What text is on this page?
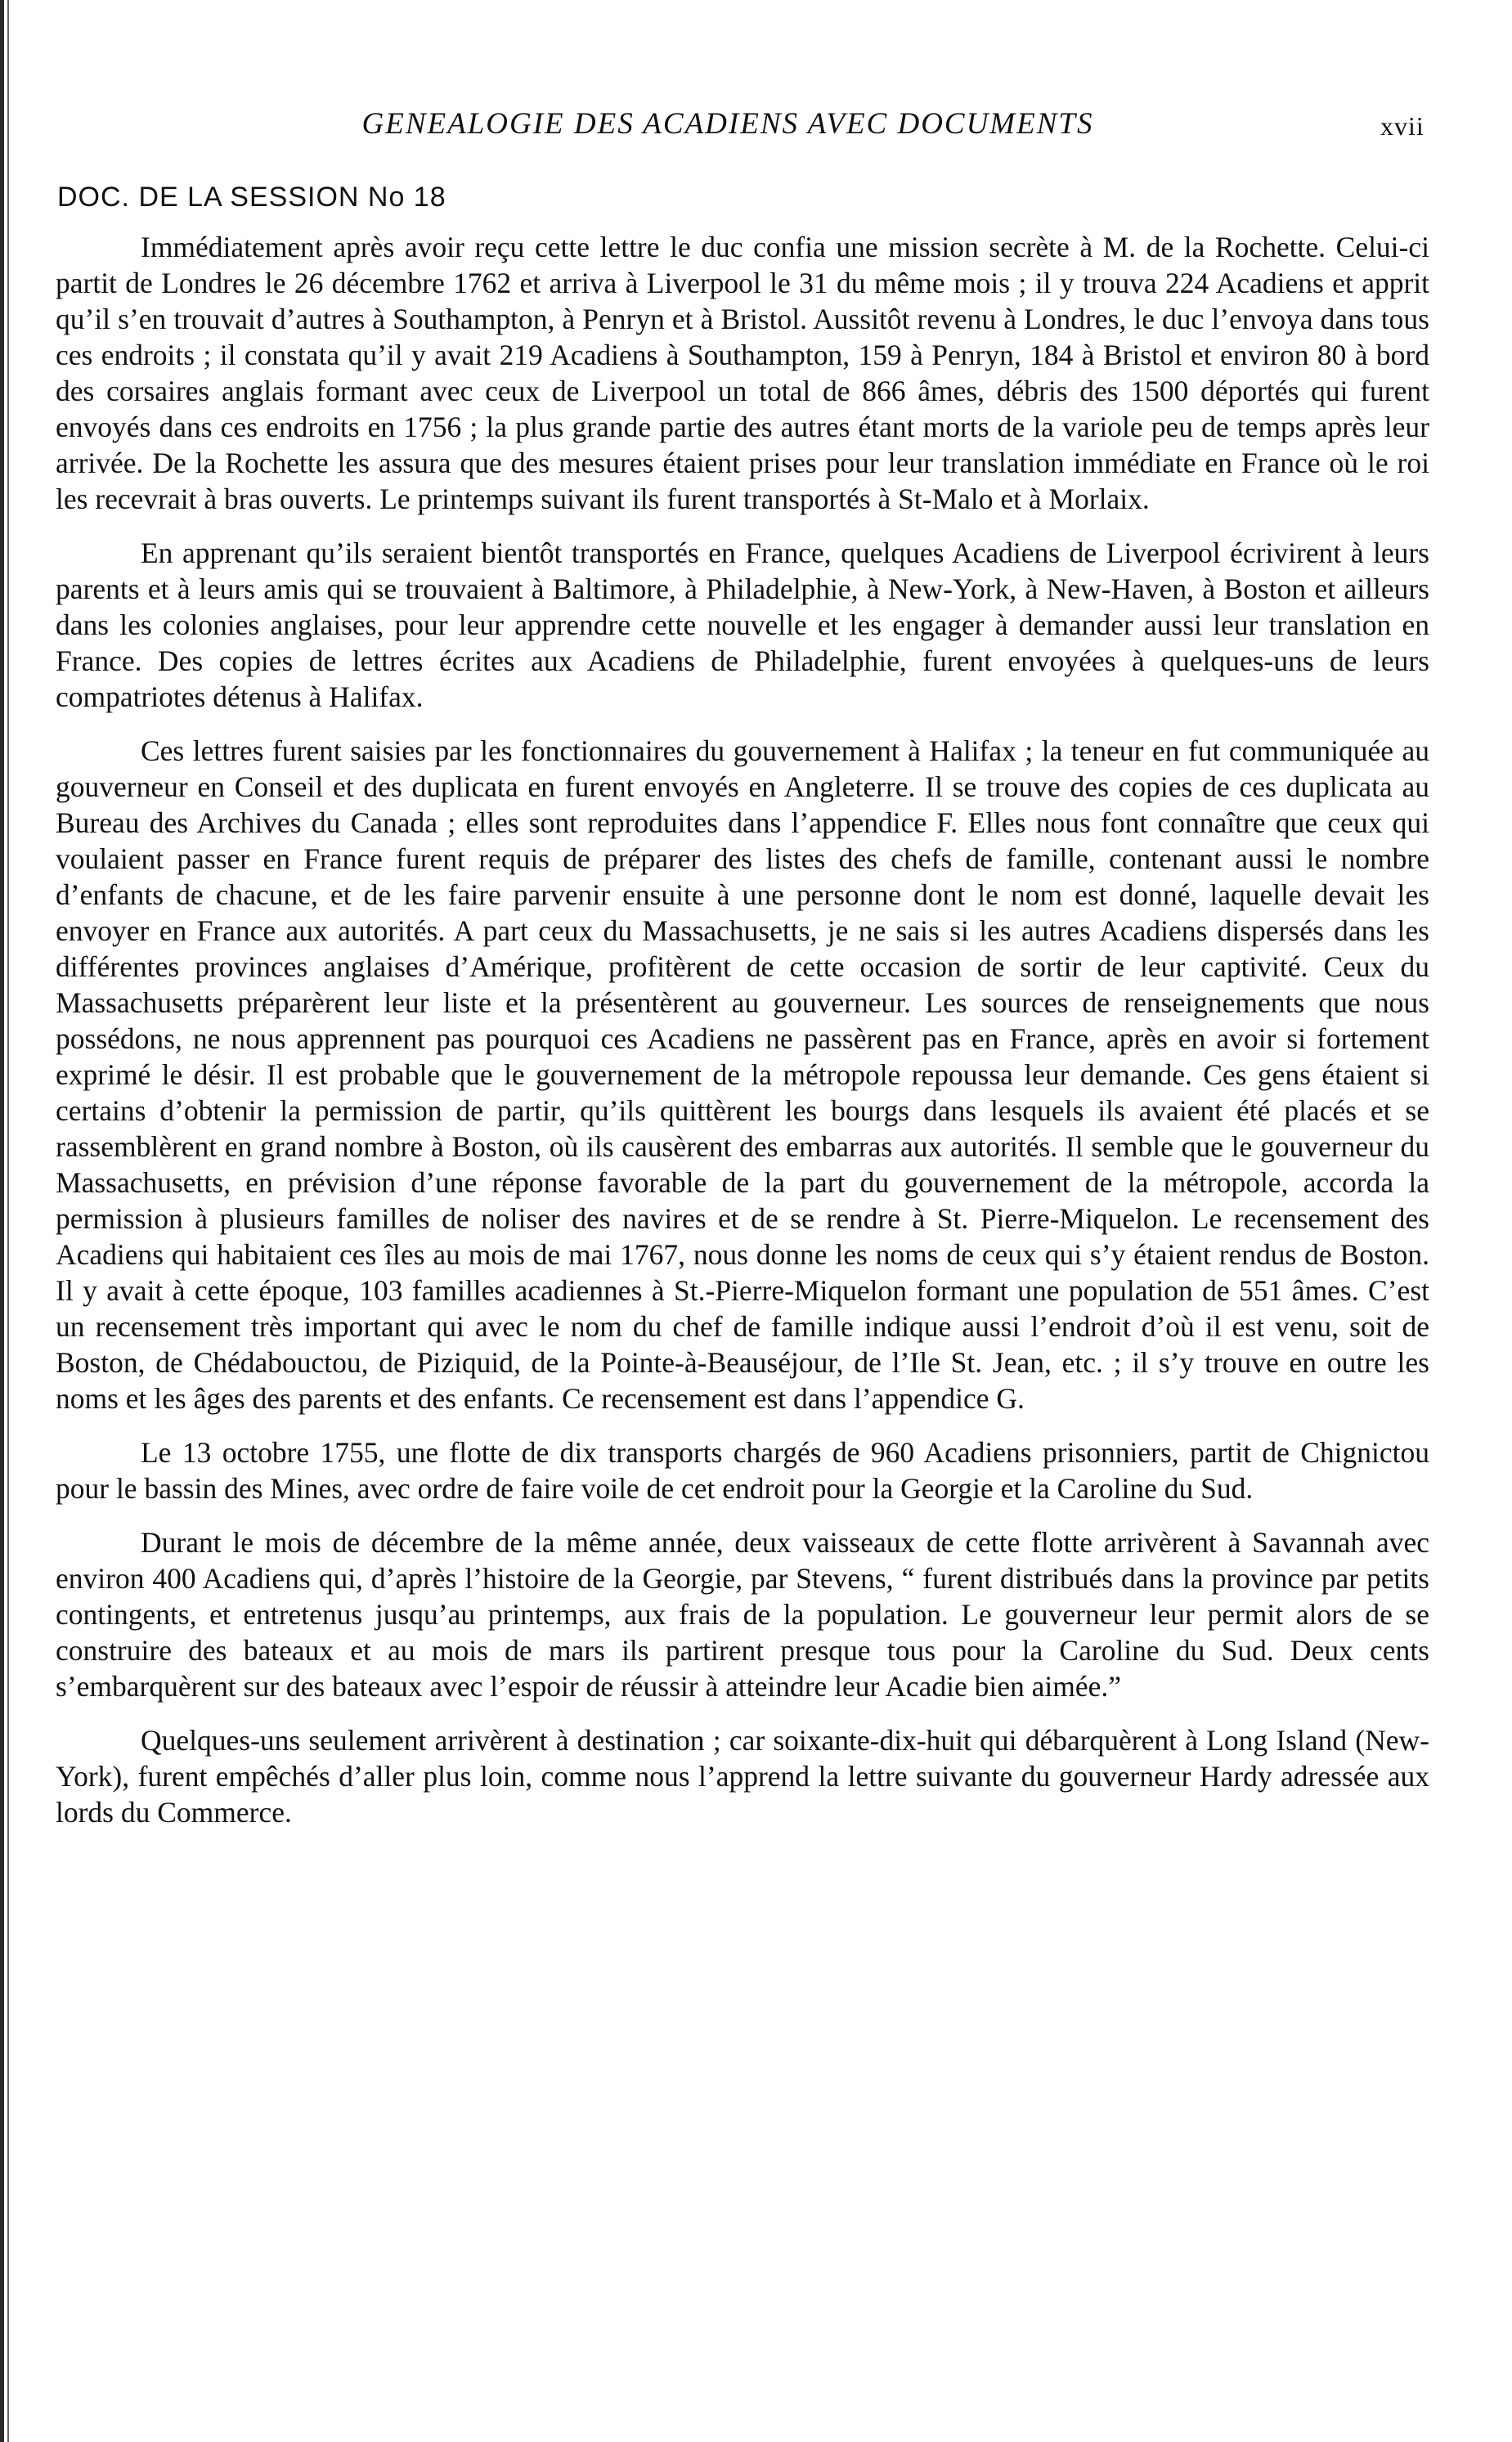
GENEALOGIE DES ACADIENS AVEC DOCUMENTS	xvii
DOC. DE LA SESSION No 18

Immédiatement après avoir reçu cette lettre le duc confia une mission secrète à M. de la Rochette. Celui-ci partit de Londres le 26 décembre 1762 et arriva à Liverpool le 31 du même mois ; il y trouva 224 Acadiens et apprit qu’il s’en trouvait d’autres à Southampton, à Penryn et à Bristol. Aussitôt revenu à Londres, le duc l’envoya dans tous ces endroits ; il constata qu’il y avait 219 Acadiens à Southampton, 159 à Penryn, 184 à Bristol et environ 80 à bord des corsaires anglais formant avec ceux de Liverpool un total de 866 âmes, débris des 1500 déportés qui furent envoyés dans ces endroits en 1756 ; la plus grande partie des autres étant morts de la variole peu de temps après leur arrivée. De la Rochette les assura que des mesures étaient prises pour leur translation immédiate en France où le roi les recevrait à bras ouverts. Le printemps suivant ils furent transportés à St-Malo et à Morlaix.

En apprenant qu’ils seraient bientôt transportés en France, quelques Acadiens de Liverpool écrivirent à leurs parents et à leurs amis qui se trouvaient à Baltimore, à Philadelphie, à New-York, à New-Haven, à Boston et ailleurs dans les colonies anglaises, pour leur apprendre cette nouvelle et les engager à demander aussi leur translation en France. Des copies de lettres écrites aux Acadiens de Philadelphie, furent envoyées à quelques-uns de leurs compatriotes détenus à Halifax.

Ces lettres furent saisies par les fonctionnaires du gouvernement à Halifax ; la teneur en fut communiquée au gouverneur en Conseil et des duplicata en furent envoyés en Angleterre. Il se trouve des copies de ces duplicata au Bureau des Archives du Canada ; elles sont reproduites dans l’appendice F. Elles nous font connaître que ceux qui voulaient passer en France furent requis de préparer des listes des chefs de famille, contenant aussi le nombre d’enfants de chacune, et de les faire parvenir ensuite à une personne dont le nom est donné, laquelle devait les envoyer en France aux autorités. A part ceux du Massachusetts, je ne sais si les autres Acadiens dispersés dans les différentes provinces anglaises d’Amérique, profitèrent de cette occasion de sortir de leur captivité. Ceux du Massachusetts préparèrent leur liste et la présentèrent au gouverneur. Les sources de renseignements que nous possédons, ne nous apprennent pas pourquoi ces Acadiens ne passèrent pas en France, après en avoir si fortement exprimé le désir. Il est probable que le gouvernement de la métropole repoussa leur demande. Ces gens étaient si certains d’obtenir la permission de partir, qu’ils quittèrent les bourgs dans lesquels ils avaient été placés et se rassemblèrent en grand nombre à Boston, où ils causèrent des embarras aux autorités. Il semble que le gouverneur du Massachusetts, en prévision d’une réponse favorable de la part du gouvernement de la métropole, accorda la permission à plusieurs familles de noliser des navires et de se rendre à St. Pierre-Miquelon. Le recensement des Acadiens qui habitaient ces îles au mois de mai 1767, nous donne les noms de ceux qui s’y étaient rendus de Boston. Il y avait à cette époque, 103 familles acadiennes à St.-Pierre-Miquelon formant une population de 551 âmes. C’est un recensement très important qui avec le nom du chef de famille indique aussi l’endroit d’où il est venu, soit de Boston, de Chédabouctou, de Piziquid, de la Pointe-à-Beauséjour, de l’Ile St. Jean, etc. ; il s’y trouve en outre les noms et les âges des parents et des enfants. Ce recensement est dans l’appendice G.

Le 13 octobre 1755, une flotte de dix transports chargés de 960 Acadiens prisonniers, partit de Chignictou pour le bassin des Mines, avec ordre de faire voile de cet endroit pour la Georgie et la Caroline du Sud.

Durant le mois de décembre de la même année, deux vaisseaux de cette flotte arrivèrent à Savannah avec environ 400 Acadiens qui, d’après l’histoire de la Georgie, par Stevens, “ furent distribués dans la province par petits contingents, et entretenus jusqu’au printemps, aux frais de la population. Le gouverneur leur permit alors de se construire des bateaux et au mois de mars ils partirent presque tous pour la Caroline du Sud. Deux cents s’embarquèrent sur des bateaux avec l’espoir de réussir à atteindre leur Acadie bien aimée.”

Quelques-uns seulement arrivèrent à destination ; car soixante-dix-huit qui débarquèrent à Long Island (New-York), furent empêchés d’aller plus loin, comme nous l’apprend la lettre suivante du gouverneur Hardy adressée aux lords du Commerce.
